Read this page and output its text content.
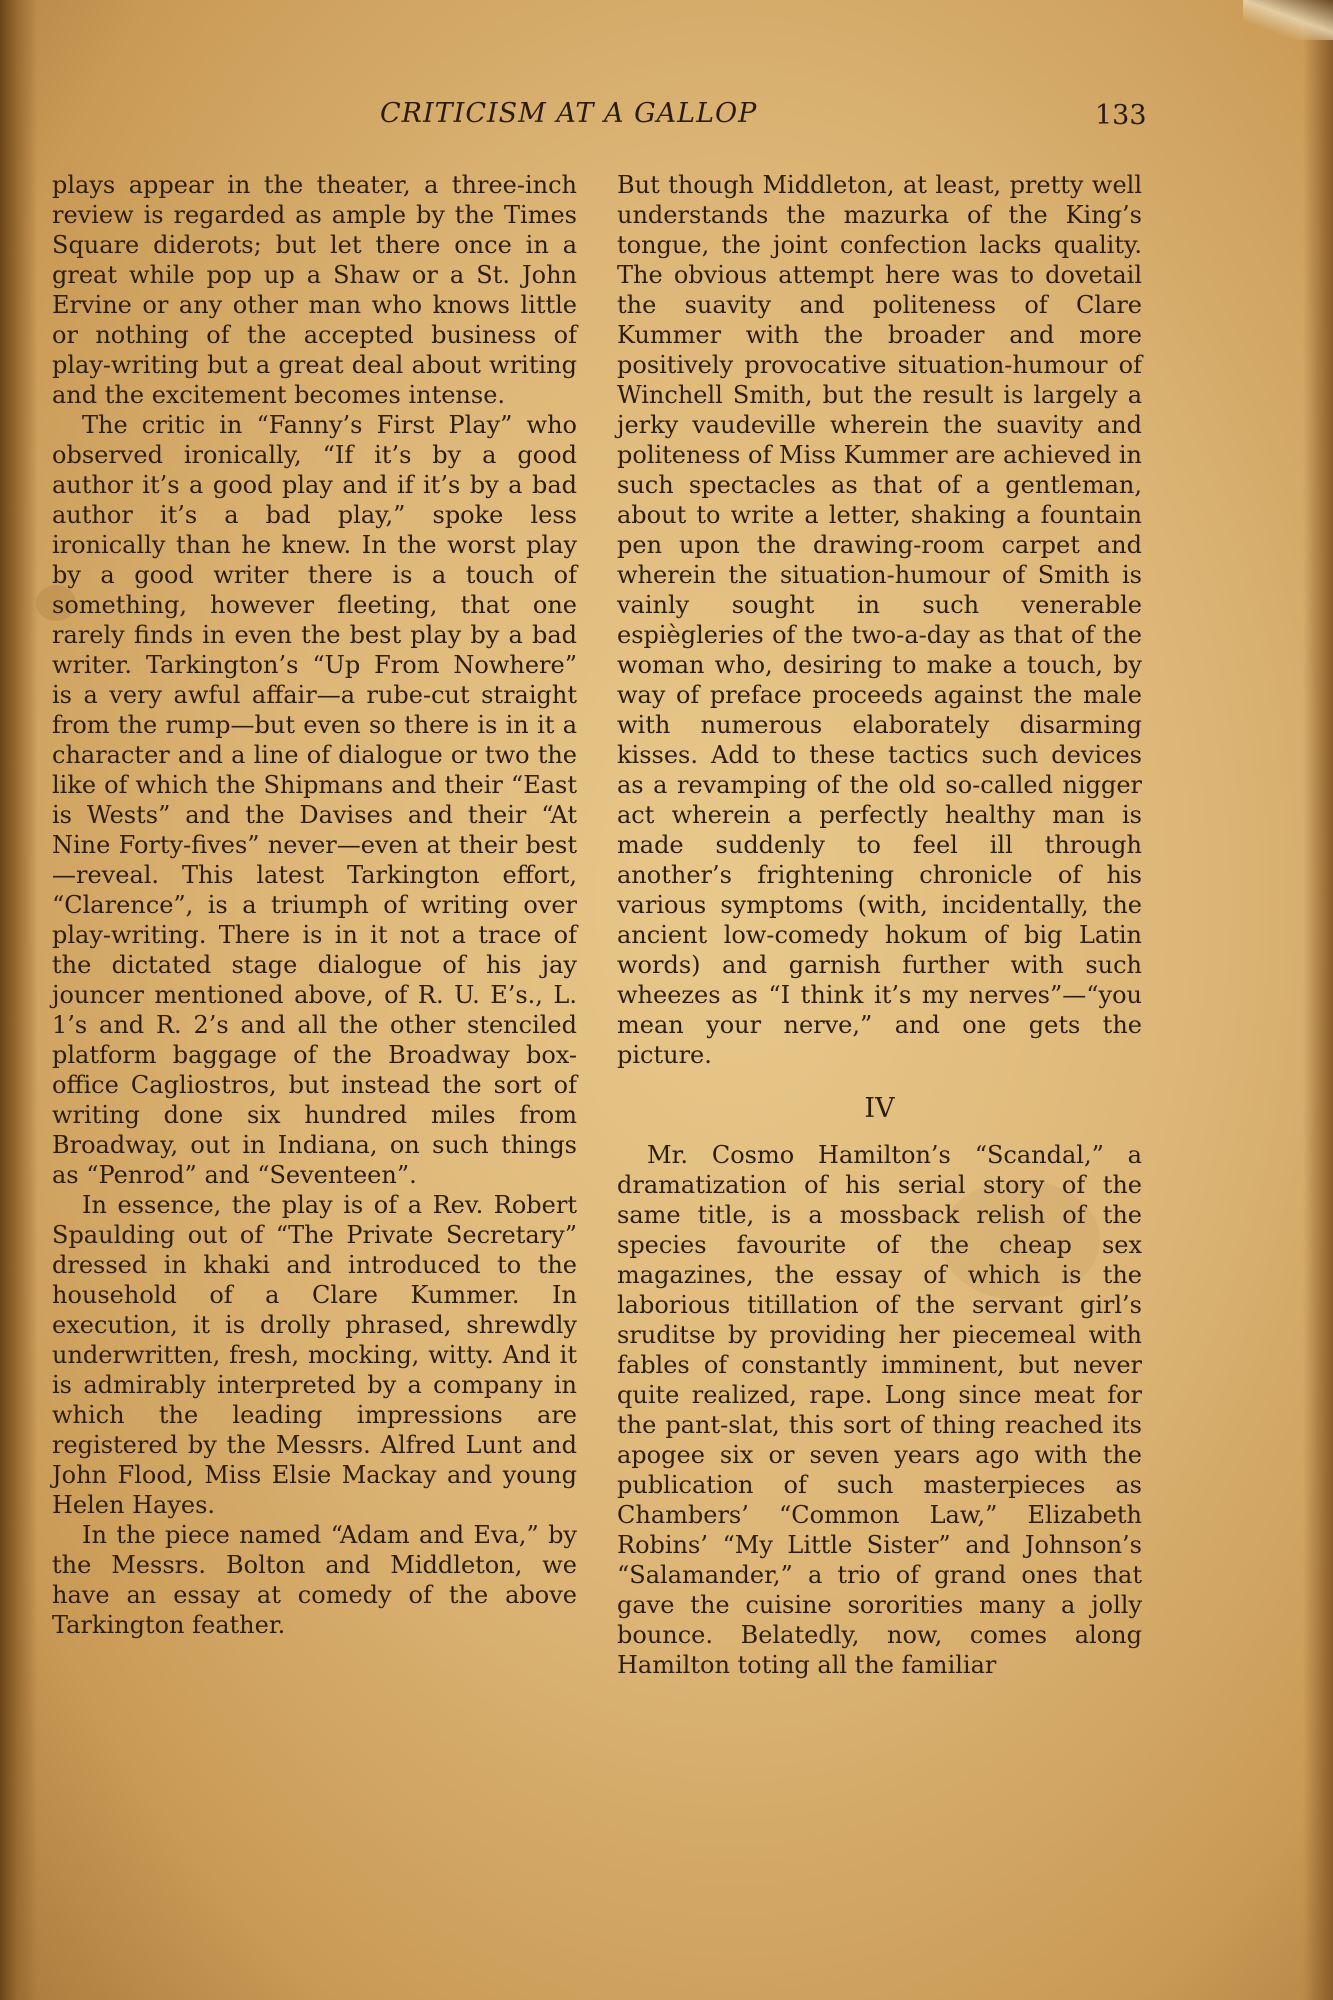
CRITICISM AT A GALLOP	133

plays appear in the theater, a three-inch review is regarded as ample by the Times Square diderots; but let there once in a great while pop up a Shaw or a St. John Ervine or any other man who knows little or nothing of the accepted business of play-writing but a great deal about writing and the excitement becomes intense.

The critic in “Fanny’s First Play” who observed ironically, “If it’s by a good author it’s a good play and if it’s by a bad author it’s a bad play,” spoke less ironically than he knew. In the worst play by a good writer there is a touch of something, however fleeting, that one rarely finds in even the best play by a bad writer. Tarkington’s “Up From Nowhere” is a very awful affair—a rube-cut straight from the rump—but even so there is in it a character and a line of dialogue or two the like of which the Shipmans and their “East is Wests” and the Davises and their “At Nine Forty-fives” never—even at their best—reveal. This latest Tarkington effort, “Clarence”, is a triumph of writing over play-writing. There is in it not a trace of the dictated stage dialogue of his jay jouncer mentioned above, of R. U. E’s., L. 1’s and R. 2’s and all the other stenciled platform baggage of the Broadway box-office Cagliostros, but instead the sort of writing done six hundred miles from Broadway, out in Indiana, on such things as “Penrod” and “Seventeen”.

In essence, the play is of a Rev. Robert Spaulding out of “The Private Secretary” dressed in khaki and introduced to the household of a Clare Kummer. In execution, it is drolly phrased, shrewdly underwritten, fresh, mocking, witty. And it is admirably interpreted by a company in which the leading impressions are registered by the Messrs. Alfred Lunt and John Flood, Miss Elsie Mackay and young Helen Hayes.

In the piece named “Adam and Eva,” by the Messrs. Bolton and Middleton, we have an essay at comedy of the above Tarkington feather.

But though Middleton, at least, pretty well understands the mazurka of the King’s tongue, the joint confection lacks quality. The obvious attempt here was to dovetail the suavity and politeness of Clare Kummer with the broader and more positively provocative situation-humour of Winchell Smith, but the result is largely a jerky vaudeville wherein the suavity and politeness of Miss Kummer are achieved in such spectacles as that of a gentleman, about to write a letter, shaking a fountain pen upon the drawing-room carpet and wherein the situation-humour of Smith is vainly sought in such venerable espiègleries of the two-a-day as that of the woman who, desiring to make a touch, by way of preface proceeds against the male with numerous elaborately disarming kisses. Add to these tactics such devices as a revamping of the old so-called nigger act wherein a perfectly healthy man is made suddenly to feel ill through another’s frightening chronicle of his various symptoms (with, incidentally, the ancient low-comedy hokum of big Latin words) and garnish further with such wheezes as “I think it’s my nerves”—“you mean your nerve,” and one gets the picture.

IV

Mr. Cosmo Hamilton’s “Scandal,” a dramatization of his serial story of the same title, is a mossback relish of the species favourite of the cheap sex magazines, the essay of which is the laborious titillation of the servant girl’s sruditse by providing her piecemeal with fables of constantly imminent, but never quite realized, rape. Long since meat for the pant-slat, this sort of thing reached its apogee six or seven years ago with the publication of such masterpieces as Chambers’ “Common Law,” Elizabeth Robins’ “My Little Sister” and Johnson’s “Salamander,” a trio of grand ones that gave the cuisine sororities many a jolly bounce. Belatedly, now, comes along Hamilton toting all the familiar
